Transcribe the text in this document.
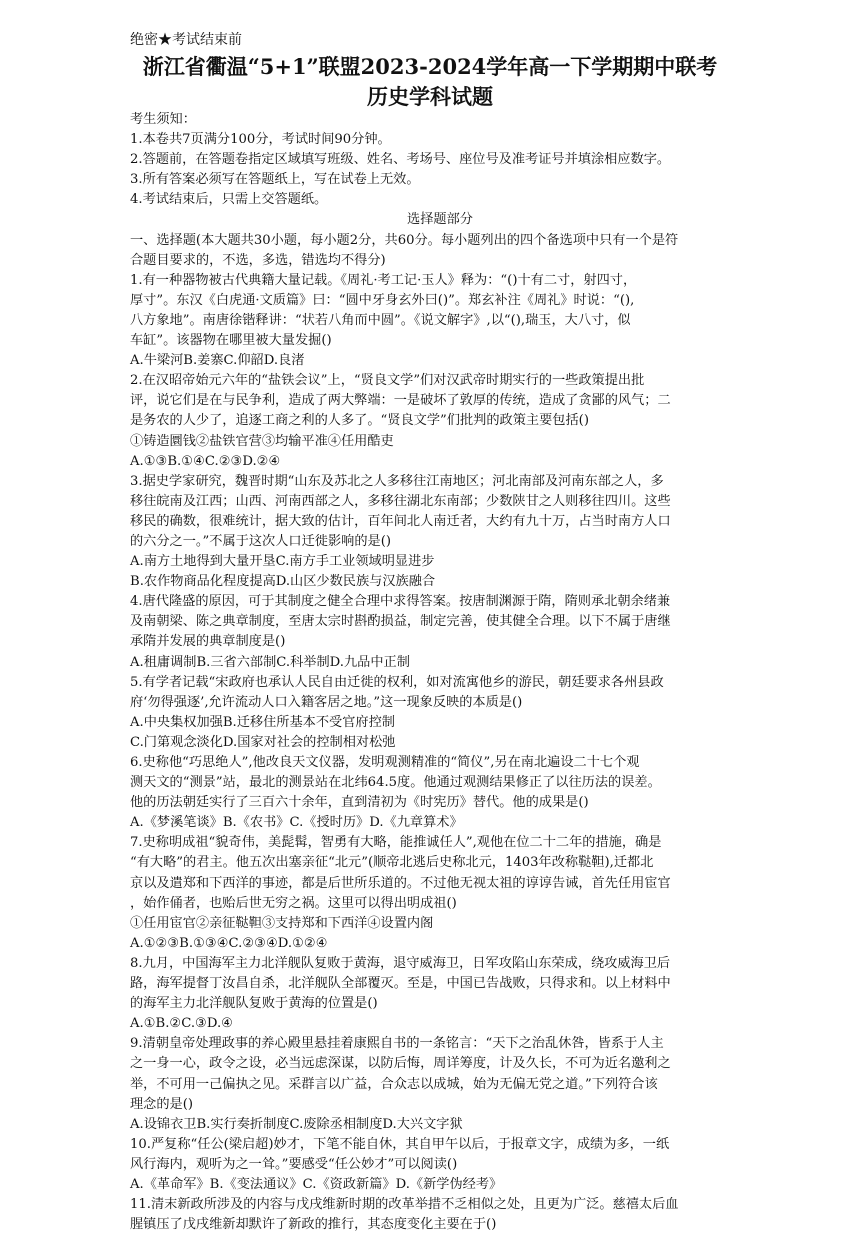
绝密★考试结束前
浙江省衢温“5+1”联盟2023-2024学年高一下学期期中联考
历史学科试题
考生须知：
1.本卷共7页满分100分，考试时间90分钟。
2.答题前，在答题卷指定区域填写班级、姓名、考场号、座位号及准考证号并填涂相应数字。
3.所有答案必须写在答题纸上，写在试卷上无效。
4.考试结束后，只需上交答题纸。
选择题部分
一、选择题(本大题共30小题，每小题2分，共60分。每小题列出的四个备选项中只有一个是符
合题目要求的，不选，多选，错选均不得分)
1.有一种器物被古代典籍大量记载。《周礼·考工记·玉人》释为：“()十有二寸，射四寸，
厚寸”。东汉《白虎通·文质篇》曰：“圆中牙身玄外曰()”。郑玄补注《周礼》时说：“(),
八方象地”。南唐徐锴释讲：“状若八角而中圆”。《说文解字》,以“(),瑞玉，大八寸，似
车缸”。该器物在哪里被大量发掘()
A.牛梁河B.姜寨C.仰韶D.良渚
2.在汉昭帝始元六年的“盐铁会议”上，“贤良文学”们对汉武帝时期实行的一些政策提出批
评，说它们是在与民争利，造成了两大弊端：一是破坏了敦厚的传统，造成了贪鄙的风气；二
是务农的人少了，追逐工商之利的人多了。“贤良文学”们批判的政策主要包括()
①铸造圜钱②盐铁官营③均输平准④任用酷吏
A.①③B.①④C.②③D.②④
3.据史学家研究，魏晋时期“山东及苏北之人多移往江南地区；河北南部及河南东部之人，多
移往皖南及江西；山西、河南西部之人，多移往湖北东南部；少数陕甘之人则移往四川。这些
移民的确数，很难统计，据大致的估计，百年间北人南迁者，大约有九十万，占当时南方人口
的六分之一。”不属于这次人口迁徙影响的是()
A.南方土地得到大量开垦C.南方手工业领域明显进步
B.农作物商品化程度提高D.山区少数民族与汉族融合
4.唐代隆盛的原因，可于其制度之健全合理中求得答案。按唐制渊源于隋，隋则承北朝余绪兼
及南朝梁、陈之典章制度，至唐太宗时斟酌损益，制定完善，使其健全合理。以下不属于唐继
承隋并发展的典章制度是()
A.租庸调制B.三省六部制C.科举制D.九品中正制
5.有学者记载“宋政府也承认人民自由迁徙的权利，如对流寓他乡的游民，朝廷要求各州县政
府‘勿得强逐’,允许流动人口入籍客居之地。”这一现象反映的本质是()
A.中央集权加强B.迁移住所基本不受官府控制
C.门第观念淡化D.国家对社会的控制相对松弛
6.史称他“巧思绝人”,他改良天文仪器，发明观测精准的“简仪”,另在南北遍设二十七个观
测天文的“测景”站，最北的测景站在北纬64.5度。他通过观测结果修正了以往历法的误差。
他的历法朝廷实行了三百六十余年，直到清初为《时宪历》替代。他的成果是()
A.《梦溪笔谈》B.《农书》C.《授时历》D.《九章算术》
7.史称明成祖“貌奇伟，美髭髯，智勇有大略，能推诚任人”,观他在位二十二年的措施，确是
“有大略”的君主。他五次出塞亲征“北元”(顺帝北逃后史称北元，1403年改称鞑靼),迁都北
京以及遣郑和下西洋的事迹，都是后世所乐道的。不过他无视太祖的谆谆告诫，首先任用宦官
，始作俑者，也贻后世无穷之祸。这里可以得出明成祖()
①任用宦官②亲征鞑靼③支持郑和下西洋④设置内阁
A.①②③B.①③④C.②③④D.①②④
8.九月，中国海军主力北洋舰队复败于黄海，退守威海卫，日军攻陷山东荣成，绕攻威海卫后
路，海军提督丁汝昌自杀，北洋舰队全部覆灭。至是，中国已告战败，只得求和。以上材料中
的海军主力北洋舰队复败于黄海的位置是()
A.①B.②C.③D.④
9.清朝皇帝处理政事的养心殿里悬挂着康熙自书的一条铭言：“天下之治乱休咎，皆系于人主
之一身一心，政令之设，必当远虑深谋，以防后悔，周详筹度，计及久长，不可为近名邀利之
举，不可用一己偏执之见。采群言以广益，合众志以成城，始为无偏无党之道。”下列符合该
理念的是()
A.设锦衣卫B.实行奏折制度C.废除丞相制度D.大兴文字狱
10.严复称“任公(梁启超)妙才，下笔不能自休，其自甲午以后，于报章文字，成绩为多，一纸
风行海内，观听为之一耸。”要感受“任公妙才”可以阅读()
A.《革命军》B.《变法通议》C.《资政新篇》D.《新学伪经考》
11.清末新政所涉及的内容与戊戌维新时期的改革举措不乏相似之处，且更为广泛。慈禧太后血
腥镇压了戊戌维新却默许了新政的推行，其态度变化主要在于()
